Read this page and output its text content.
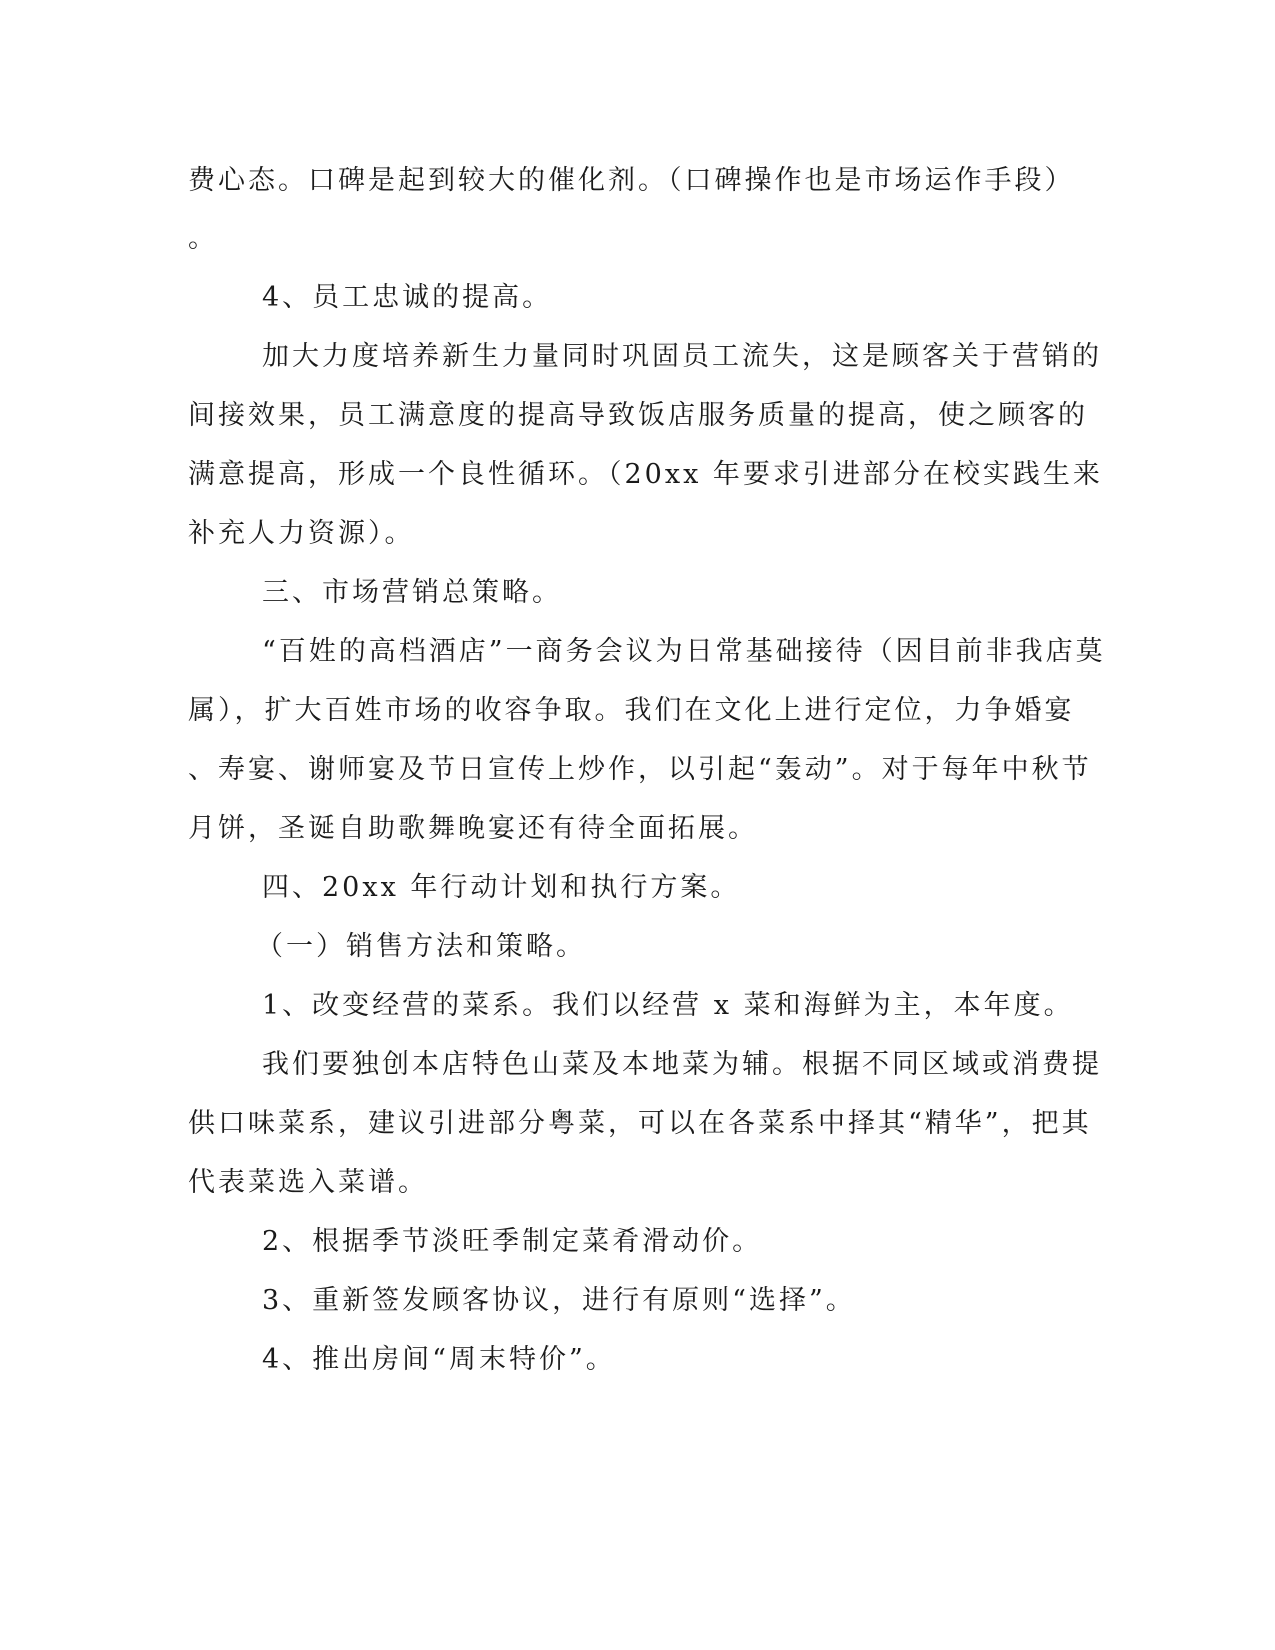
费心态。口碑是起到较大的催化剂。（口碑操作也是市场运作手段）
。
4、员工忠诚的提高。
加大力度培养新生力量同时巩固员工流失，这是顾客关于营销的
间接效果，员工满意度的提高导致饭店服务质量的提高，使之顾客的
满意提高，形成一个良性循环。（20xx 年要求引进部分在校实践生来
补充人力资源）。
三、市场营销总策略。
“百姓的高档酒店”一商务会议为日常基础接待（因目前非我店莫
属），扩大百姓市场的收容争取。我们在文化上进行定位，力争婚宴
、寿宴、谢师宴及节日宣传上炒作，以引起“轰动”。对于每年中秋节
月饼，圣诞自助歌舞晚宴还有待全面拓展。
四、20xx 年行动计划和执行方案。
（一）销售方法和策略。
1、改变经营的菜系。我们以经营 x 菜和海鲜为主，本年度。
我们要独创本店特色山菜及本地菜为辅。根据不同区域或消费提
供口味菜系，建议引进部分粤菜，可以在各菜系中择其“精华”，把其
代表菜选入菜谱。
2、根据季节淡旺季制定菜肴滑动价。
3、重新签发顾客协议，进行有原则“选择”。
4、推出房间“周末特价”。
